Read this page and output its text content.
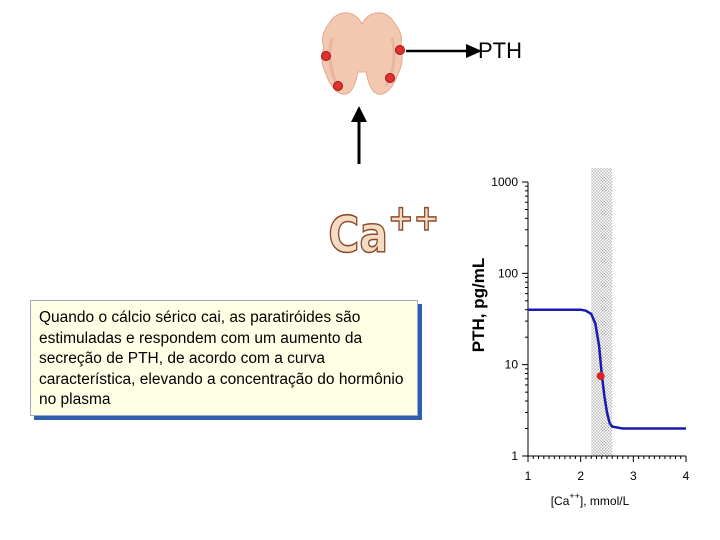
PTH
Ca++
Quando o cálcio sérico cai, as paratiróides são estimuladas e respondem com um aumento da secreção de PTH, de acordo com a curva característica, elevando a concentração do hormônio no plasma
1
10
100
1000
1	2	3	4
PTH, pg/mL
[Ca++], mmol/L
